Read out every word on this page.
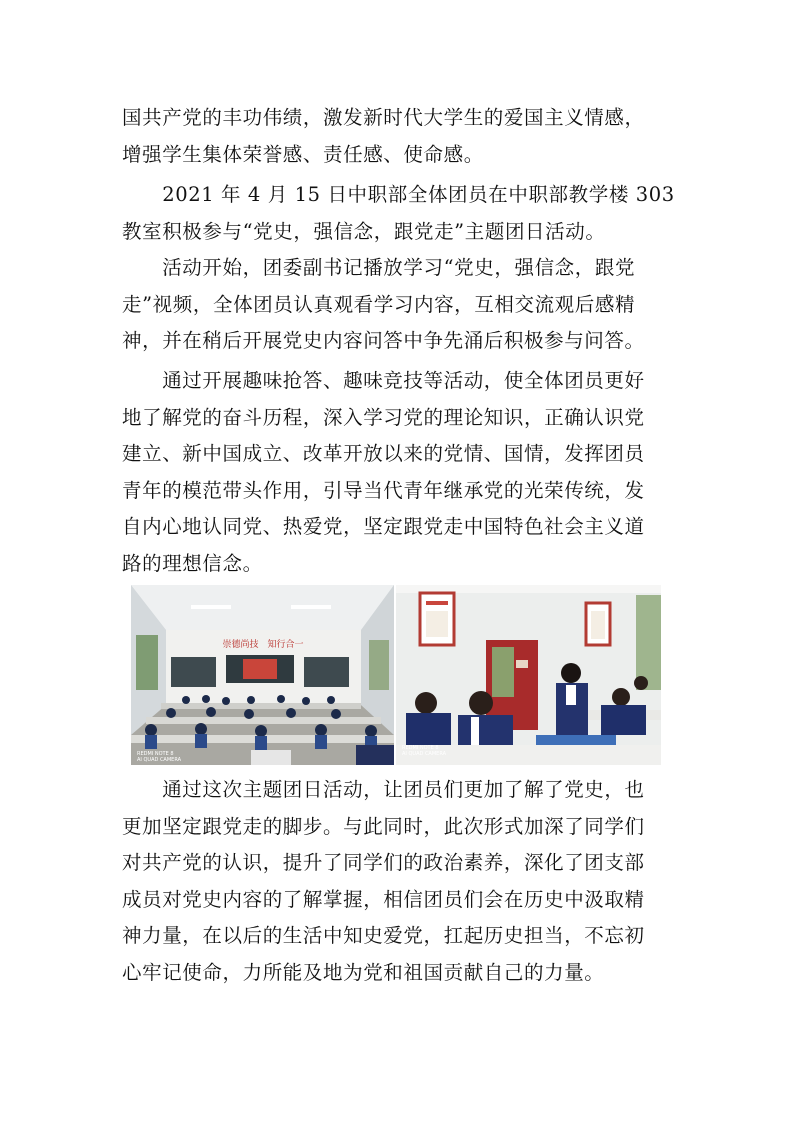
国共产党的丰功伟绩，激发新时代大学生的爱国主义情感，
增强学生集体荣誉感、责任感、使命感。

　　2021 年 4 月 15 日中职部全体团员在中职部教学楼 303
教室积极参与“党史，强信念，跟党走”主题团日活动。

　　活动开始，团委副书记播放学习“党史，强信念，跟党
走”视频，全体团员认真观看学习内容，互相交流观后感精
神，并在稍后开展党史内容问答中争先涌后积极参与问答。

　　通过开展趣味抢答、趣味竞技等活动，使全体团员更好
地了解党的奋斗历程，深入学习党的理论知识，正确认识党
建立、新中国成立、改革开放以来的党情、国情，发挥团员
青年的模范带头作用，引导当代青年继承党的光荣传统，发
自内心地认同党、热爱党，坚定跟党走中国特色社会主义道
路的理想信念。

崇德尚技　知行合一
REDMI NOTE 8
AI QUAD CAMERA
REDMI NOTE 8
AI QUAD CAMERA

　　通过这次主题团日活动，让团员们更加了解了党史，也
更加坚定跟党走的脚步。与此同时，此次形式加深了同学们
对共产党的认识，提升了同学们的政治素养，深化了团支部
成员对党史内容的了解掌握，相信团员们会在历史中汲取精
神力量，在以后的生活中知史爱党，扛起历史担当，不忘初
心牢记使命，力所能及地为党和祖国贡献自己的力量。
